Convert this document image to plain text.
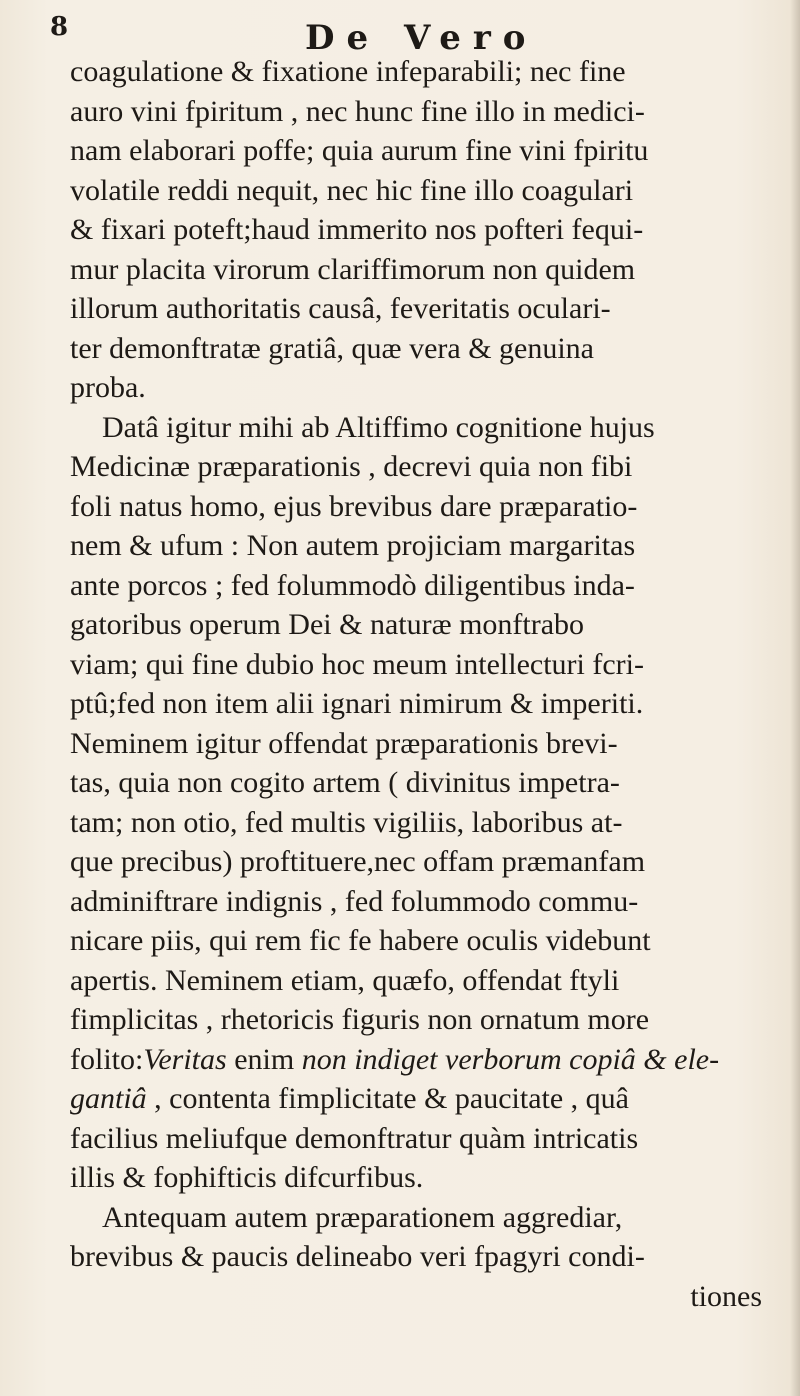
8	De Vero
coagulatione & fixatione infeparabili; nec fine
auro vini fpiritum , nec hunc fine illo in medici-
nam elaborari poffe; quia aurum fine vini fpiritu
volatile reddi nequit, nec hic fine illo coagulari
& fixari poteft;haud immerito nos pofteri fequi-
mur placita virorum clariffimorum non quidem
illorum authoritatis causâ, feveritatis oculari-
ter demonftratæ gratiâ, quæ vera & genuina
proba.
Datâ igitur mihi ab Altiffimo cognitione hujus
Medicinæ præparationis , decrevi quia non fibi
foli natus homo, ejus brevibus dare præparatio-
nem & ufum : Non autem projiciam margaritas
ante porcos ; fed folummodò diligentibus inda-
gatoribus operum Dei & naturæ monftrabo
viam; qui fine dubio hoc meum intellecturi fcri-
ptû;fed non item alii ignari nimirum & imperiti.
Neminem igitur offendat præparationis brevi-
tas, quia non cogito artem ( divinitus impetra-
tam; non otio, fed multis vigiliis, laboribus at-
que precibus) proftituere,nec offam præmanfam
adminiftrare indignis , fed folummodo commu-
nicare piis, qui rem fic fe habere oculis videbunt
apertis. Neminem etiam, quæfo, offendat ftyli
fimplicitas , rhetoricis figuris non ornatum more
folito:Veritas enim non indiget verborum copiâ & ele-
gantiâ , contenta fimplicitate & paucitate , quâ
facilius meliufque demonftratur quàm intricatis
illis & fophifticis difcurfibus.
Antequam autem præparationem aggrediar,
brevibus & paucis delineabo veri fpagyri condi-
tiones
